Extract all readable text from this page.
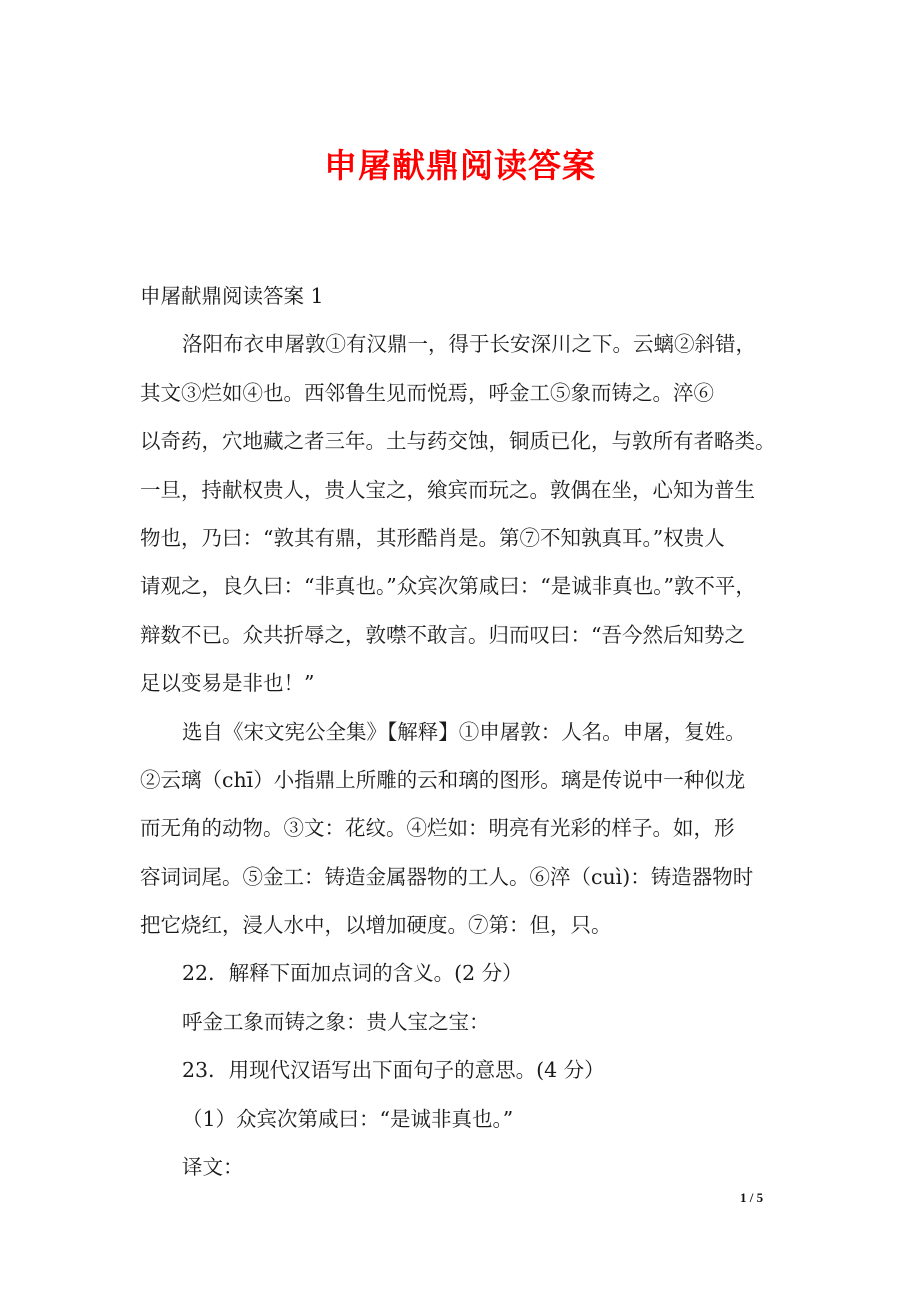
申屠献鼎阅读答案

申屠献鼎阅读答案 1

洛阳布衣申屠敦①有汉鼎一，得于长安深川之下。云螭②斜错，

其文③烂如④也。西邻鲁生见而悦焉，呼金工⑤象而铸之。淬⑥

以奇药，穴地藏之者三年。土与药交蚀，铜质已化，与敦所有者略类。

一旦，持献权贵人，贵人宝之，飨宾而玩之。敦偶在坐，心知为普生

物也，乃曰：“敦其有鼎，其形酷肖是。第⑦不知孰真耳。”权贵人

请观之，良久曰：“非真也。”众宾次第咸曰：“是诚非真也。”敦不平，

辩数不已。众共折辱之，敦噤不敢言。归而叹曰：“吾今然后知势之

足以变易是非也！”

选自《宋文宪公全集》【解释】①申屠敦：人名。申屠，复姓。

②云璃（chī）小指鼎上所雕的云和璃的图形。璃是传说中一种似龙

而无角的动物。③文：花纹。④烂如：明亮有光彩的样子。如，形

容词词尾。⑤金工：铸造金属器物的工人。⑥淬（cuì)：铸造器物时

把它烧红，浸人水中，以增加硬度。⑦第：但，只。

22．解释下面加点词的含义。(2 分）

呼金工象而铸之象：贵人宝之宝：

23．用现代汉语写出下面句子的意思。(4 分）

（1）众宾次第咸曰：“是诚非真也。”

译文：

1 / 5
